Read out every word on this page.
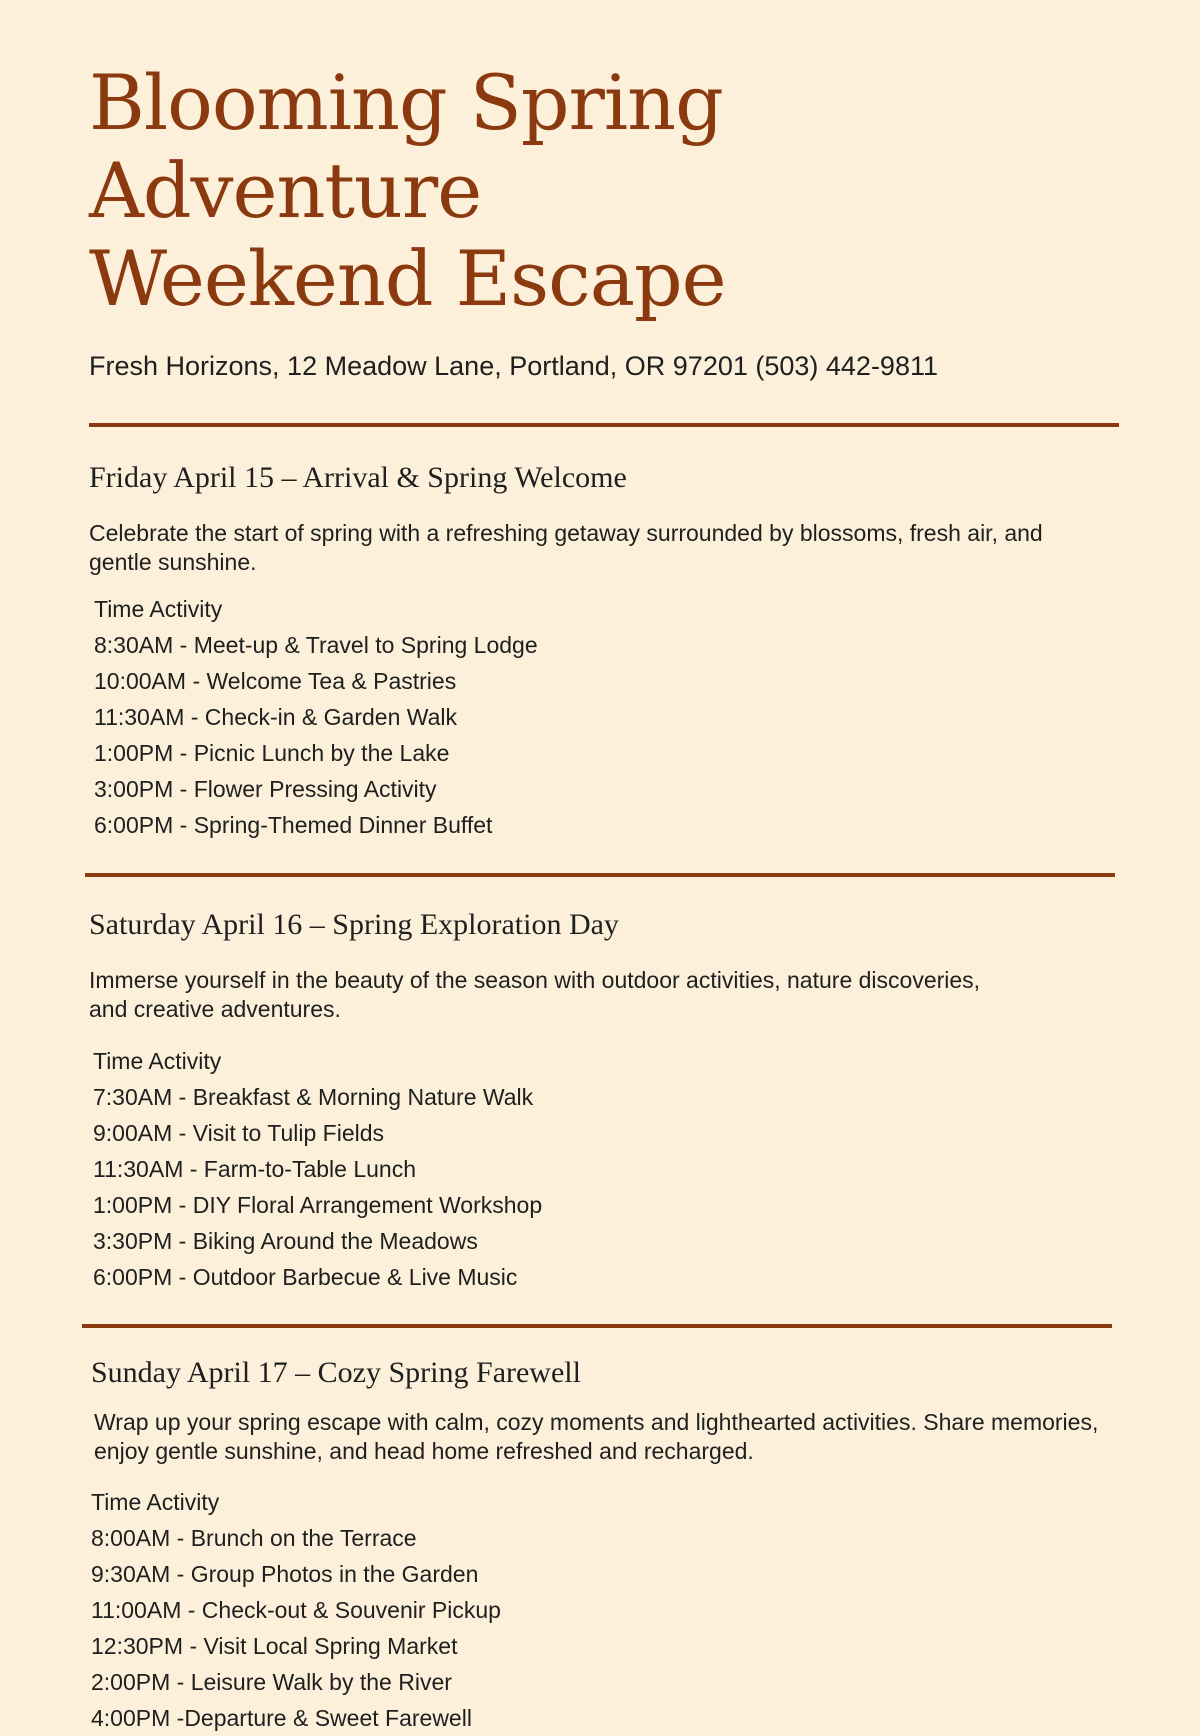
Blooming Spring Adventure
Weekend Escape
Fresh Horizons, 12 Meadow Lane, Portland, OR 97201 (503) 442-9811
Friday April 15 – Arrival & Spring Welcome

Celebrate the start of spring with a refreshing getaway surrounded by blossoms, fresh air, and gentle sunshine.

Time Activity
8:30AM - Meet-up & Travel to Spring Lodge
10:00AM - Welcome Tea & Pastries
11:30AM - Check-in & Garden Walk
1:00PM - Picnic Lunch by the Lake
3:00PM - Flower Pressing Activity
6:00PM - Spring-Themed Dinner Buffet
Saturday April 16 – Spring Exploration Day

Immerse yourself in the beauty of the season with outdoor activities, nature discoveries, and creative adventures.

Time Activity
7:30AM - Breakfast & Morning Nature Walk
9:00AM - Visit to Tulip Fields
11:30AM - Farm-to-Table Lunch
1:00PM - DIY Floral Arrangement Workshop
3:30PM - Biking Around the Meadows
6:00PM - Outdoor Barbecue & Live Music
Sunday April 17 – Cozy Spring Farewell

Wrap up your spring escape with calm, cozy moments and lighthearted activities. Share memories, enjoy gentle sunshine, and head home refreshed and recharged.

Time Activity
8:00AM - Brunch on the Terrace
9:30AM - Group Photos in the Garden
11:00AM - Check-out & Souvenir Pickup
12:30PM - Visit Local Spring Market
2:00PM - Leisure Walk by the River
4:00PM -Departure & Sweet Farewell
